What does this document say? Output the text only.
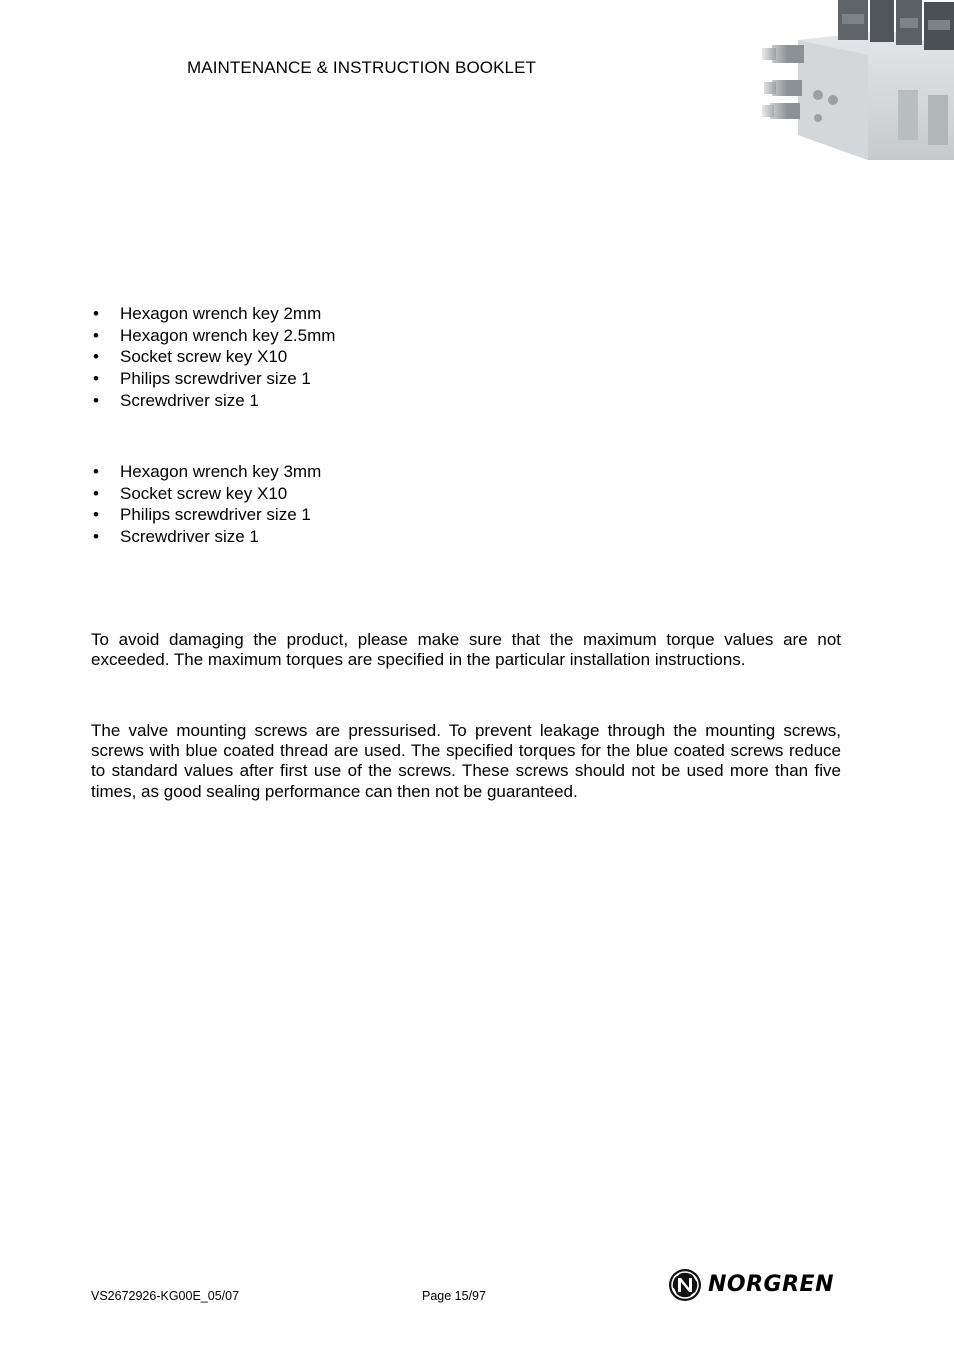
MAINTENANCE & INSTRUCTION BOOKLET
• Hexagon wrench key 2mm
• Hexagon wrench key 2.5mm
• Socket screw key X10
• Philips screwdriver size 1
• Screwdriver size 1
• Hexagon wrench key 3mm
• Socket screw key X10
• Philips screwdriver size 1
• Screwdriver size 1

To avoid damaging the product, please make sure that the maximum torque values are not exceeded. The maximum torques are specified in the particular installation instructions.

The valve mounting screws are pressurised. To prevent leakage through the mounting screws, screws with blue coated thread are used. The specified torques for the blue coated screws reduce to standard values after first use of the screws. These screws should not be used more than five times, as good sealing performance can then not be guaranteed.

VS2672926-KG00E_05/07	Page 15/97	NORGREN
